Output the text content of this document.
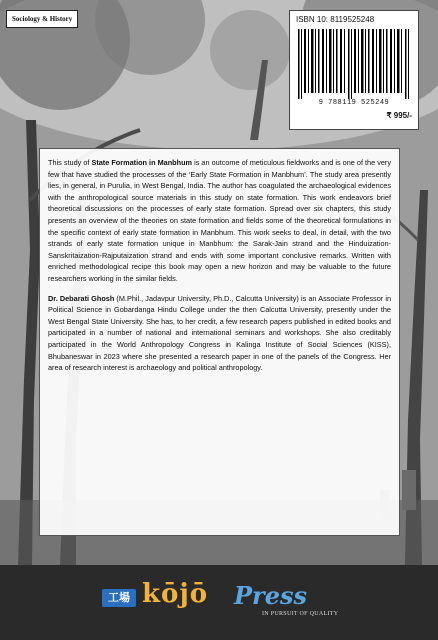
Sociology & History	ISBN 10: 8119525248
9 788119 525249
₹ 995/-

This study of State Formation in Manbhum is an outcome of meticulous fieldworks and is one of the very few that have studied the processes of the ‘Early State Formation in Manbhum’. The study area presently lies, in general, in Purulia, in West Bengal, India. The author has coagulated the archaeological evidences with the anthropological source materials in this study on state formation. This work endeavors brief theoretical discussions on the processes of early state formation. Spread over six chapters, this study presents an overview of the theories on state formation and fields some of the theoretical formulations in the specific context of early state formation in Manbhum. This work seeks to deal, in detail, with the two strands of early state formation unique in Manbhum: the Sarak-Jain strand and the Hinduization-Sanskritaization-Rajputaization strand and ends with some important conclusive remarks. Written with enriched methodological recipe this book may open a new horizon and may be valuable to the future researchers working in the similar fields.

Dr. Debarati Ghosh (M.Phil., Jadavpur University, Ph.D., Calcutta University) is an Associate Professor in Political Science in Gobardanga Hindu College under the then Calcutta University, presently under the West Bengal State University. She has, to her credit, a few research papers published in edited books and participated in a number of national and international seminars and workshops. She also creditably participated in the World Anthropology Congress in Kalinga Institute of Social Sciences (KISS), Bhubaneswar in 2023 where she presented a research paper in one of the panels of the Congress. Her area of research interest is archaeology and political anthropology.

工場 kōjō Press
IN PURSUIT OF QUALITY
